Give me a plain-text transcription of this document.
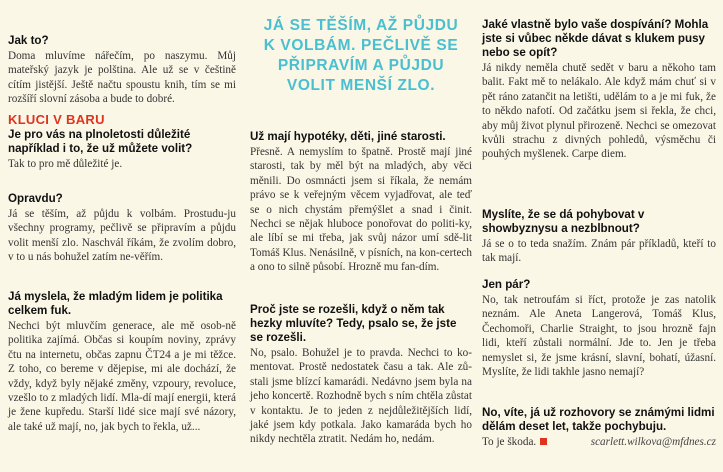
Jak to?

Doma mluvíme nářečím, po naszymu. Můj mateřský jazyk je polština. Ale už se v češtině cítím jistější. Ještě načtu spoustu knih, tím se mi rozšíří slovní zásoba a bude to dobré.

KLUCI V BARU

Je pro vás na plnoletosti důležité například i to, že už můžete volit?

Tak to pro mě důležité je.

Opravdu?

Já se těším, až půjdu k volbám. Prostudu-ju všechny programy, pečlivě se připravím a půjdu volit menší zlo. Naschvál říkám, že zvolím dobro, v to u nás bohužel zatím ne-věřím.

Já myslela, že mladým lidem je politika celkem fuk.

Nechci být mluvčím generace, ale mě osob-ně politika zajímá. Občas si koupím noviny, zprávy čtu na internetu, občas zapnu ČT24 a je mi těžce. Z toho, co bereme v dějepise, mi ale dochází, že vždy, když byly nějaké změny, vzpoury, revoluce, vzešlo to z mladých lidí. Mla-dí mají energii, která je žene kupředu. Starší lidé sice mají své názory, ale také už mají, no, jak bych to řekla, už...

JÁ SE TĚŠÍM, AŽ PŮJDU K VOLBÁM. PEČLIVĚ SE PŘIPRAVÍM A PŮJDU VOLIT MENŠÍ ZLO.

Už mají hypotéky, děti, jiné starosti.

Přesně. A nemyslím to špatně. Prostě mají jiné starosti, tak by měl být na mladých, aby věci měnili. Do osmnácti jsem si říkala, že nemám právo se k veřejným věcem vyjadřovat, ale teď se o nich chystám přemýšlet a snad i činit. Nechci se nějak hluboce ponořovat do politi-ky, ale líbí se mi třeba, jak svůj názor umí sdě-lit Tomáš Klus. Nenásilně, v písních, na kon-certech a ono to silně působí. Hrozně mu fan-dím.

Proč jste se rozešli, když o něm tak hezky mluvíte? Tedy, psalo se, že jste se rozešli.

No, psalo. Bohužel je to pravda. Nechci to ko-mentovat. Prostě nedostatek času a tak. Ale zů-stali jsme blízcí kamarádi. Nedávno jsem byla na jeho koncertě. Rozhodně bych s ním chtěla zůstat v kontaktu. Je to jeden z nejdůležitějších lidí, jaké jsem kdy potkala. Jako kamaráda bych ho nikdy nechtěla ztratit. Nedám ho, nedám.

Jaké vlastně bylo vaše dospívání? Mohla jste si vůbec někde dávat s klukem pusy nebo se opít?

Já nikdy neměla chutě sedět v baru a někoho tam balit. Fakt mě to nelákalo. Ale když mám chuť si v pět ráno zatančit na letišti, udělám to a je mi fuk, že to někdo nafotí. Od začátku jsem si řekla, že chci, aby můj život plynul přirozeně. Nechci se omezovat kvůli strachu z divných pohledů, výsměchu či pouhých myšlenek. Carpe diem.

Myslíte, že se dá pohybovat v showbyznysu a nezblbnout?

Já se o to teda snažím. Znám pár příkladů, kteří to tak mají.

Jen pár?

No, tak netroufám si říct, protože je zas natolik neznám. Ale Aneta Langerová, Tomáš Klus, Čechomoři, Charlie Straight, to jsou hrozně fajn lidi, kteří zůstali normální. Jde to. Jen je třeba nemyslet si, že jsme krásní, slavní, bohatí, úžasní. Myslíte, že lidi takhle jasno nemají?

No, víte, já už rozhovory se známými lidmi dělám deset let, takže pochybuju.

To je škoda.	scarlett.wilkova@mfdnes.cz
